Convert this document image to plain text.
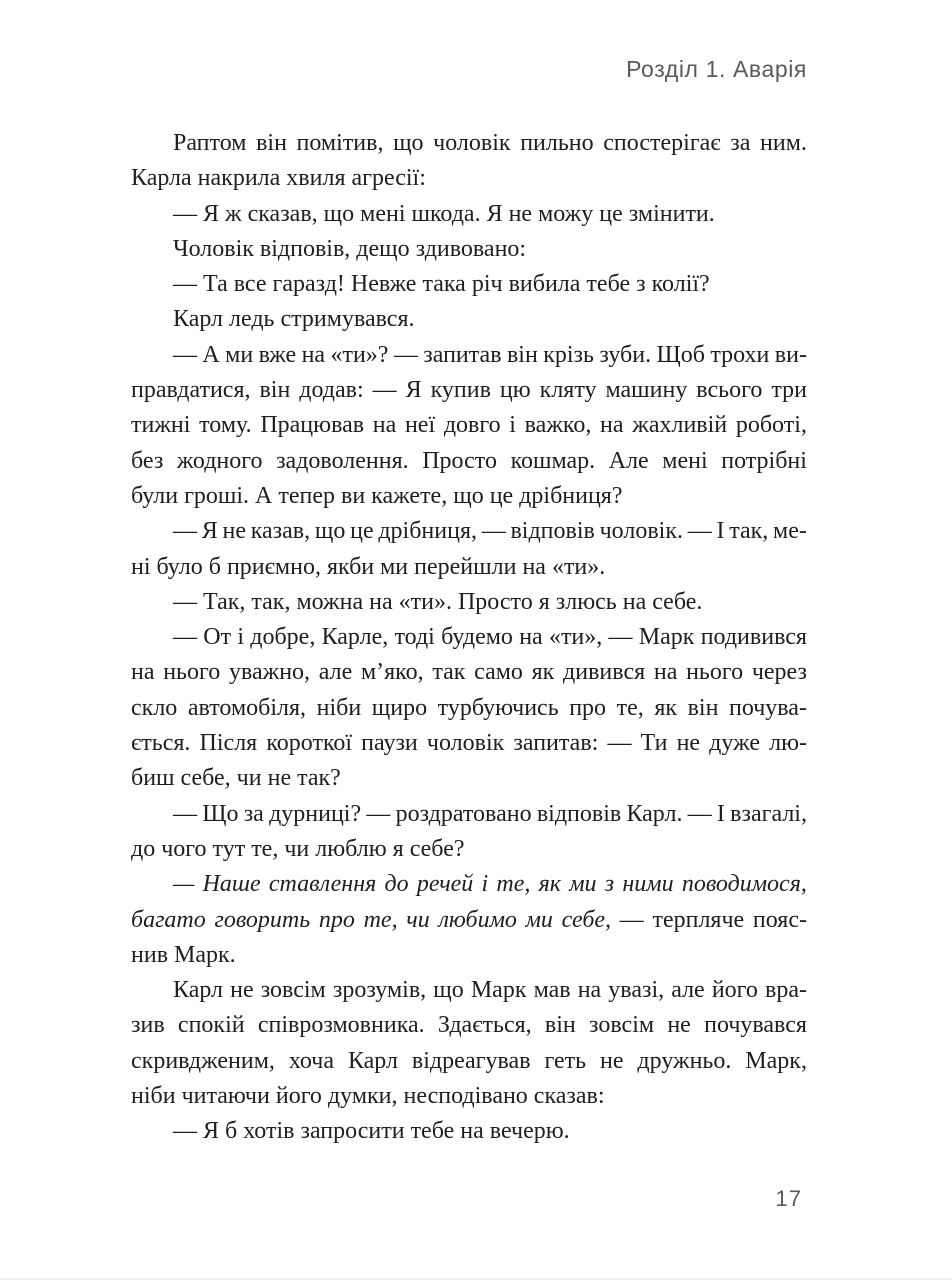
Розділ 1. Аварія
Раптом він помітив, що чоловік пильно спостерігає за ним.
Карла накрила хвиля агресії:
— Я ж сказав, що мені шкода. Я не можу це змінити.
Чоловік відповів, дещо здивовано:
— Та все гаразд! Невже така річ вибила тебе з колії?
Карл ледь стримувався.
— А ми вже на «ти»? — запитав він крізь зуби. Щоб трохи ви-
правдатися, він додав: — Я купив цю кляту машину всього три
тижні тому. Працював на неї довго і важко, на жахливій роботі,
без жодного задоволення. Просто кошмар. Але мені потрібні
були гроші. А тепер ви кажете, що це дрібниця?
— Я не казав, що це дрібниця, — відповів чоловік. — І так, ме-
ні було б приємно, якби ми перейшли на «ти».
— Так, так, можна на «ти». Просто я злюсь на себе.
— От і добре, Карле, тоді будемо на «ти», — Марк подивився
на нього уважно, але мʼяко, так само як дивився на нього через
скло автомобіля, ніби щиро турбуючись про те, як він почува-
ється. Після короткої паузи чоловік запитав: — Ти не дуже лю-
биш себе, чи не так?
— Що за дурниці? — роздратовано відповів Карл. — І взагалі,
до чого тут те, чи люблю я себе?
— Наше ставлення до речей і те, як ми з ними поводимося,
багато говорить про те, чи любимо ми себе, — терпляче пояс-
нив Марк.
Карл не зовсім зрозумів, що Марк мав на увазі, але його вра-
зив спокій співрозмовника. Здається, він зовсім не почувався
скривдженим, хоча Карл відреагував геть не дружньо. Марк,
ніби читаючи його думки, несподівано сказав:
— Я б хотів запросити тебе на вечерю.
17
